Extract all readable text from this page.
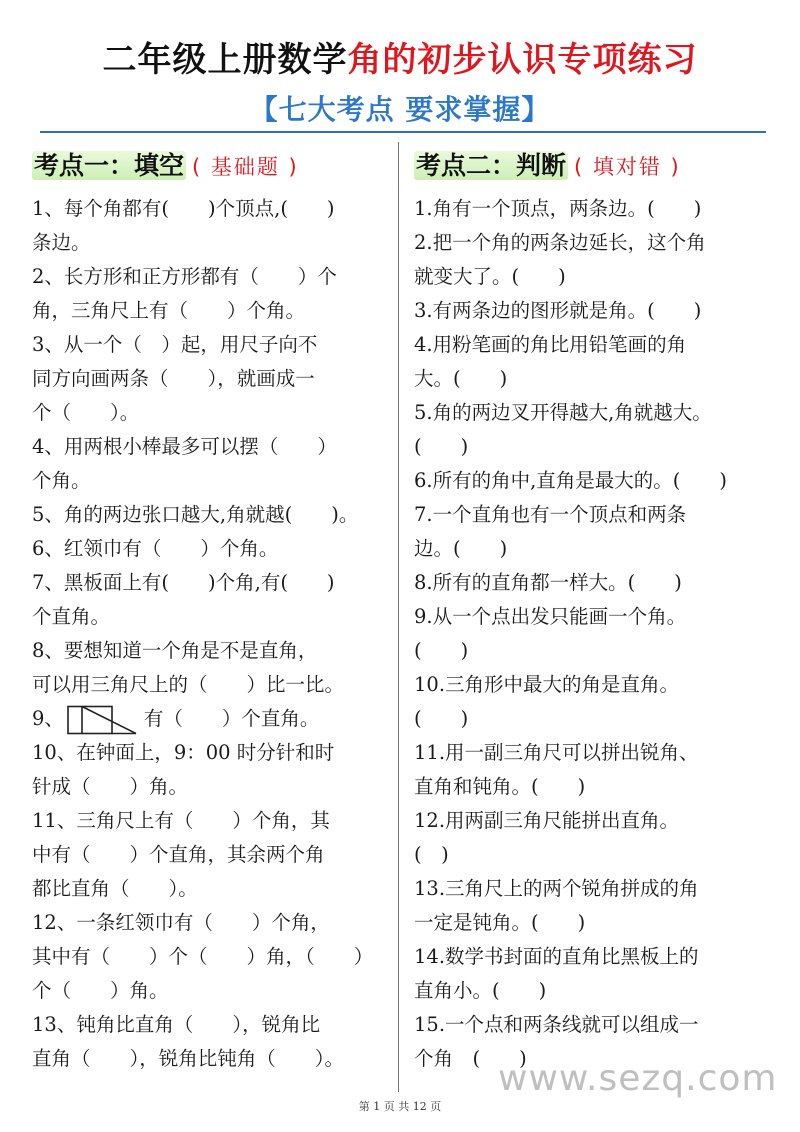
二年级上册数学角的初步认识专项练习
【七大考点 要求掌握】
考点一：填空 ( 基础题 )
1、每个角都有(　　)个顶点,(　　)
条边。
2、长方形和正方形都有（　　）个
角，三角尺上有（　　）个角。
3、从一个（　）起，用尺子向不
同方向画两条（　　），就画成一
个（　　）。
4、用两根小棒最多可以摆（　　）
个角。
5、角的两边张口越大,角就越(　　)。
6、红领巾有（　　）个角。
7、黑板面上有(　　)个角,有(　　)
个直角。
8、要想知道一个角是不是直角，
可以用三角尺上的（　　）比一比。
9、	有（　　）个直角。
10、在钟面上，9：00 时分针和时
针成（　　）角。
11、三角尺上有（　　）个角，其
中有（　　）个直角，其余两个角
都比直角（　　）。
12、一条红领巾有（　　）个角，
其中有（　　）个（　　）角，（　　）
个（　　）角。
13、钝角比直角（　　），锐角比
直角（　　），锐角比钝角（　　）。
考点二：判断 ( 填对错 )
1.角有一个顶点，两条边。(　　)
2.把一个角的两条边延长，这个角
就变大了。(　　)
3.有两条边的图形就是角。(　　)
4.用粉笔画的角比用铅笔画的角
大。(　　)
5.角的两边叉开得越大,角就越大。
(　　)
6.所有的角中,直角是最大的。(　　)
7.一个直角也有一个顶点和两条
边。(　　)
8.所有的直角都一样大。(　　)
9.从一个点出发只能画一个角。
(　　)
10.三角形中最大的角是直角。
(　　)
11.用一副三角尺可以拼出锐角、
直角和钝角。(　　)
12.用两副三角尺能拼出直角。
(　)
13.三角尺上的两个锐角拼成的角
一定是钝角。(　　)
14.数学书封面的直角比黑板上的
直角小。(　　)
15.一个点和两条线就可以组成一
个角　(　　)
第 1 页 共 12 页
www.sezq.com
